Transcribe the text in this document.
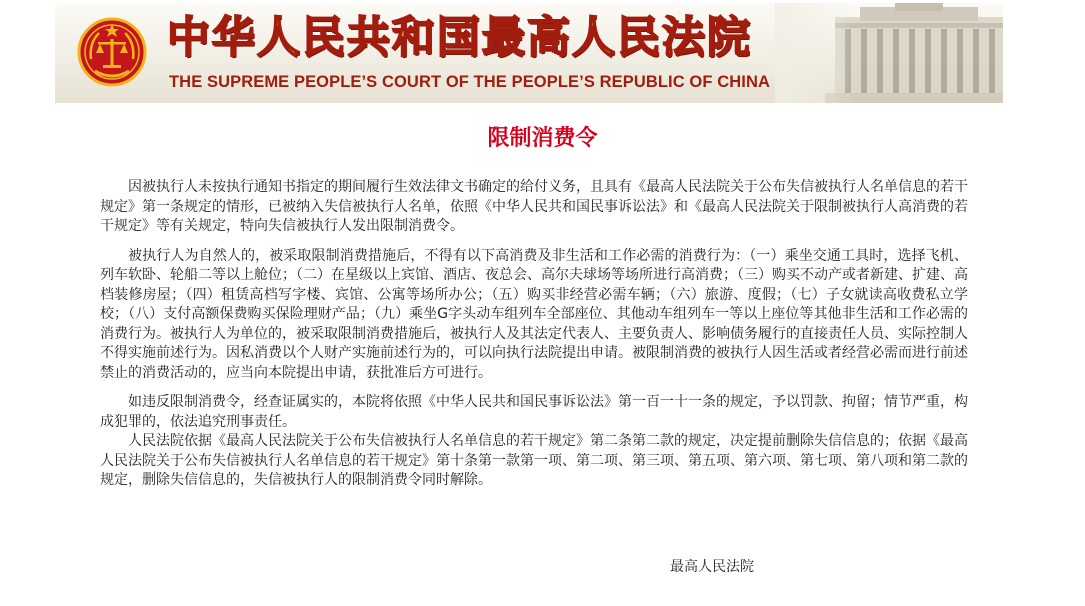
中华人民共和国最高人民法院
THE SUPREME PEOPLE’S COURT OF THE PEOPLE’S REPUBLIC OF CHINA
限制消费令

因被执行人未按执行通知书指定的期间履行生效法律文书确定的给付义务，且具有《最高人民法院关于公布失信被执行人名单信息的若干规定》第一条规定的情形，已被纳入失信被执行人名单，依照《中华人民共和国民事诉讼法》和《最高人民法院关于限制被执行人高消费的若干规定》等有关规定，特向失信被执行人发出限制消费令。

被执行人为自然人的，被采取限制消费措施后，不得有以下高消费及非生活和工作必需的消费行为：（一）乘坐交通工具时，选择飞机、列车软卧、轮船二等以上舱位；（二）在星级以上宾馆、酒店、夜总会、高尔夫球场等场所进行高消费；（三）购买不动产或者新建、扩建、高档装修房屋；（四）租赁高档写字楼、宾馆、公寓等场所办公；（五）购买非经营必需车辆；（六）旅游、度假；（七）子女就读高收费私立学校；（八）支付高额保费购买保险理财产品；（九）乘坐G字头动车组列车全部座位、其他动车组列车一等以上座位等其他非生活和工作必需的消费行为。被执行人为单位的，被采取限制消费措施后，被执行人及其法定代表人、主要负责人、影响债务履行的直接责任人员、实际控制人不得实施前述行为。因私消费以个人财产实施前述行为的，可以向执行法院提出申请。被限制消费的被执行人因生活或者经营必需而进行前述禁止的消费活动的，应当向本院提出申请，获批准后方可进行。

如违反限制消费令，经查证属实的，本院将依照《中华人民共和国民事诉讼法》第一百一十一条的规定，予以罚款、拘留；情节严重，构成犯罪的，依法追究刑事责任。

人民法院依据《最高人民法院关于公布失信被执行人名单信息的若干规定》第二条第二款的规定，决定提前删除失信信息的；依据《最高人民法院关于公布失信被执行人名单信息的若干规定》第十条第一款第一项、第二项、第三项、第五项、第六项、第七项、第八项和第二款的规定，删除失信信息的，失信被执行人的限制消费令同时解除。

最高人民法院
